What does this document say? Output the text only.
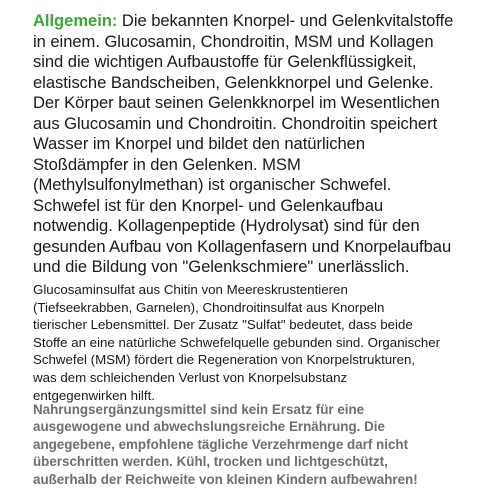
Allgemein: Die bekannten Knorpel- und Gelenkvitalstoffe
in einem. Glucosamin, Chondroitin, MSM und Kollagen
sind die wichtigen Aufbaustoffe für Gelenkflüssigkeit,
elastische Bandscheiben, Gelenkknorpel und Gelenke.
Der Körper baut seinen Gelenkknorpel im Wesentlichen
aus Glucosamin und Chondroitin. Chondroitin speichert
Wasser im Knorpel und bildet den natürlichen
Stoßdämpfer in den Gelenken. MSM
(Methylsulfonylmethan) ist organischer Schwefel.
Schwefel ist für den Knorpel- und Gelenkaufbau
notwendig. Kollagenpeptide (Hydrolysat) sind für den
gesunden Aufbau von Kollagenfasern und Knorpelaufbau
und die Bildung von "Gelenkschmiere" unerlässlich.

Glucosaminsulfat aus Chitin von Meereskrustentieren
(Tiefseekrabben, Garnelen), Chondroitinsulfat aus Knorpeln
tierischer Lebensmittel. Der Zusatz "Sulfat" bedeutet, dass beide
Stoffe an eine natürliche Schwefelquelle gebunden sind. Organischer
Schwefel (MSM) fördert die Regeneration von Knorpelstrukturen,
was dem schleichenden Verlust von Knorpelsubstanz
entgegenwirken hilft.

Nahrungsergänzungsmittel sind kein Ersatz für eine
ausgewogene und abwechslungsreiche Ernährung. Die
angegebene, empfohlene tägliche Verzehrmenge darf nicht
überschritten werden. Kühl, trocken und lichtgeschützt,
außerhalb der Reichweite von kleinen Kindern aufbewahren!
